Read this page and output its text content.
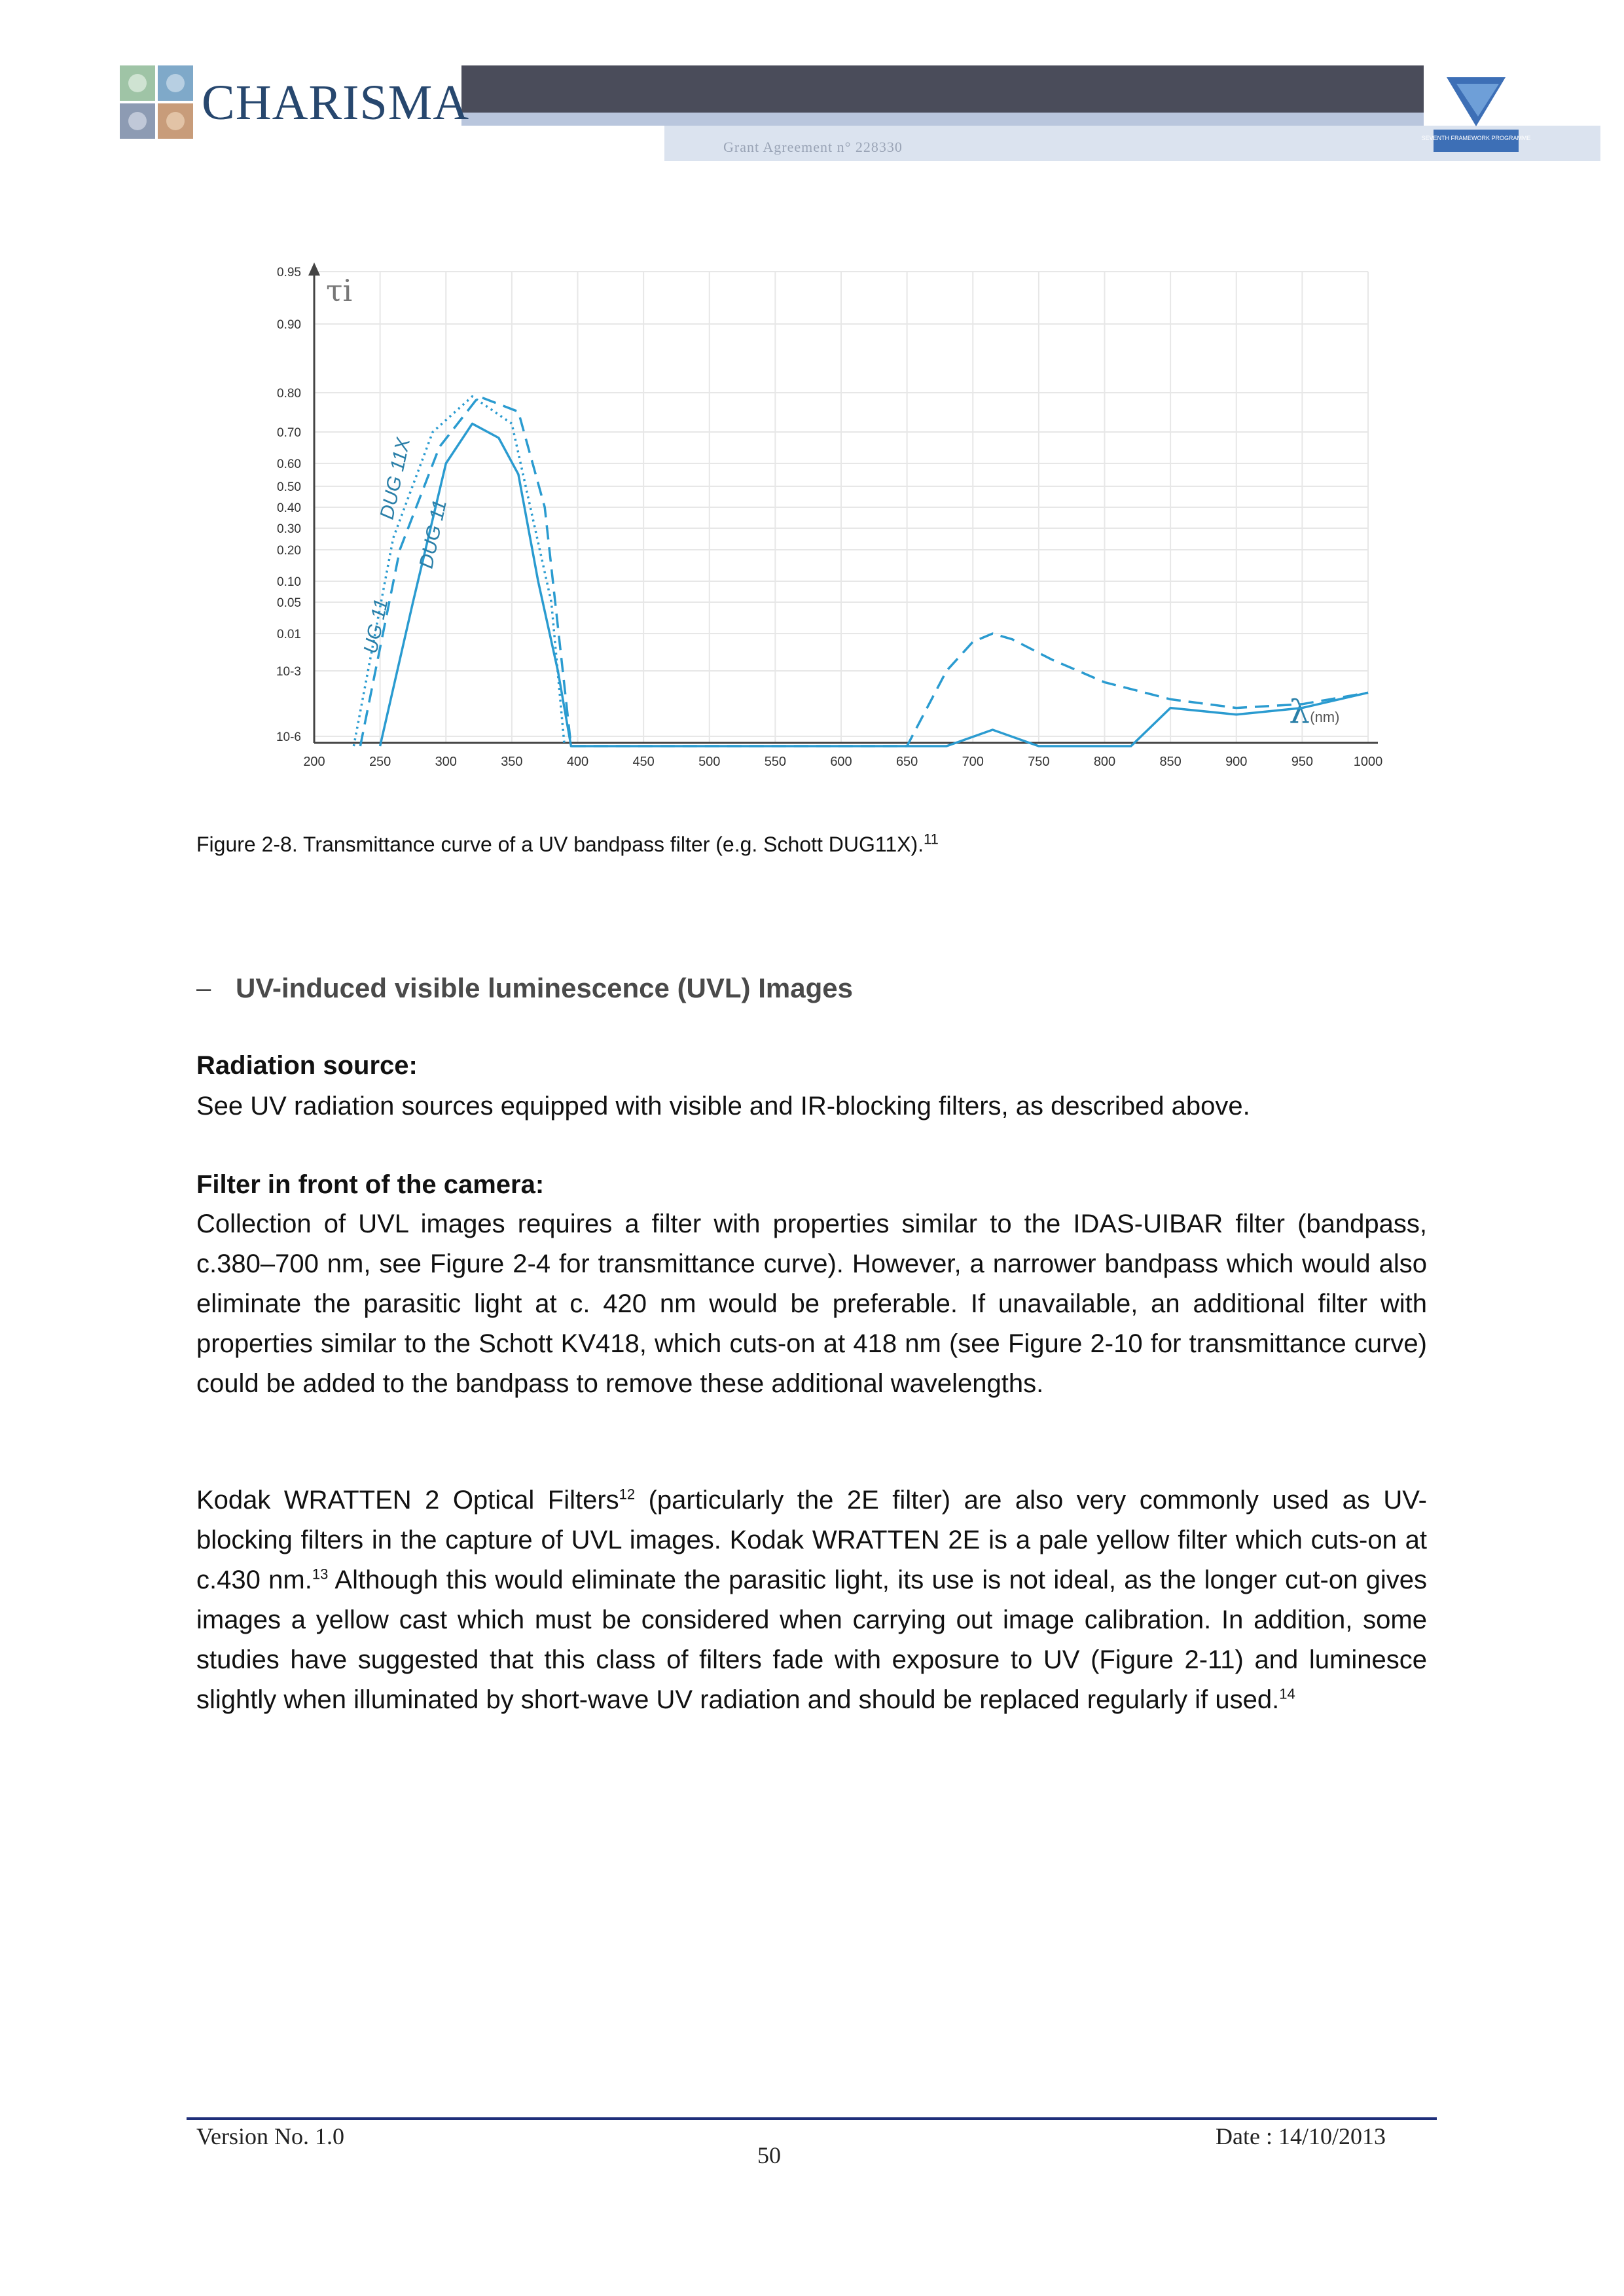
Grant Agreement n° 228330
CHARISMA
SEVENTH FRAMEWORK PROGRAMME
200	250	300	350	400	450	500	550	600	650	700	750	800	850	900	950	1000
0.95
0.90
0.80
0.70
0.60
0.50
0.40
0.30
0.20
0.10
0.05
0.01
10-3
10-6
τi
λ (nm)
UG 11
DUG 11X
DUG 11
Figure 2-8. Transmittance curve of a UV bandpass filter (e.g. Schott DUG11X).$^{11}$
– UV-induced visible luminescence (UVL) Images
Radiation source:
See UV radiation sources equipped with visible and IR-blocking filters, as described above.
Filter in front of the camera:
Collection of UVL images requires a filter with properties similar to the IDAS-UIBAR filter (bandpass, c.380–700 nm, see Figure 2-4 for transmittance curve). However, a narrower bandpass which would also eliminate the parasitic light at c. 420 nm would be preferable. If unavailable, an additional filter with properties similar to the Schott KV418, which cuts-on at 418 nm (see Figure 2-10 for transmittance curve) could be added to the bandpass to remove these additional wavelengths.
Kodak WRATTEN 2 Optical Filters$^{12}$ (particularly the 2E filter) are also very commonly used as UV-blocking filters in the capture of UVL images. Kodak WRATTEN 2E is a pale yellow filter which cuts-on at c.430 nm.$^{13}$ Although this would eliminate the parasitic light, its use is not ideal, as the longer cut-on gives images a yellow cast which must be considered when carrying out image calibration. In addition, some studies have suggested that this class of filters fade with exposure to UV (Figure 2-11) and luminesce slightly when illuminated by short-wave UV radiation and should be replaced regularly if used.$^{14}$
Version No. 1.0
50
Date : 14/10/2013
